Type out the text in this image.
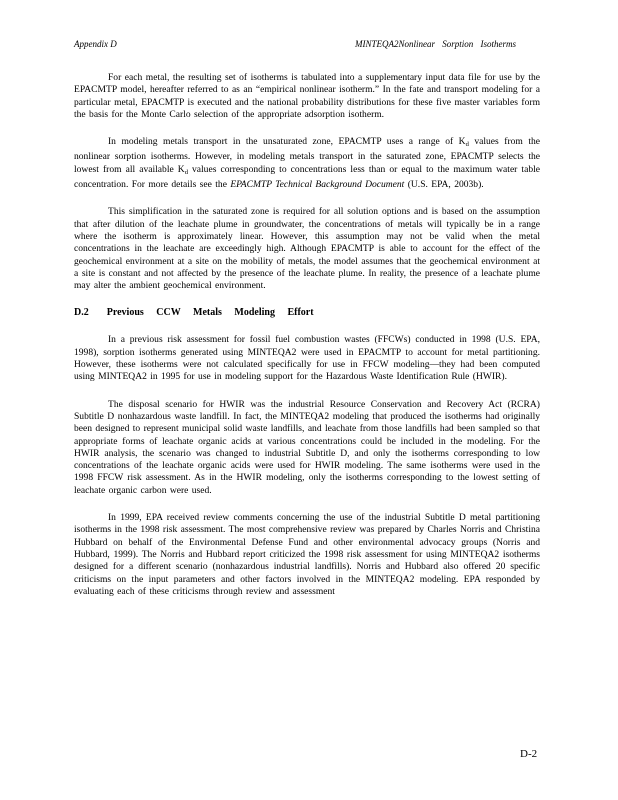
Appendix D	MINTEQA2Nonlinear Sorption Isotherms

For each metal, the resulting set of isotherms is tabulated into a supplementary input data file for use by the EPACMTP model, hereafter referred to as an “empirical nonlinear isotherm.” In the fate and transport modeling for a particular metal, EPACMTP is executed and the national probability distributions for these five master variables form the basis for the Monte Carlo selection of the appropriate adsorption isotherm.

In modeling metals transport in the unsaturated zone, EPACMTP uses a range of $K_d$ values from the nonlinear sorption isotherms. However, in modeling metals transport in the saturated zone, EPACMTP selects the lowest from all available $K_d$ values corresponding to concentrations less than or equal to the maximum water table concentration. For more details see the EPACMTP Technical Background Document (U.S. EPA, 2003b).

This simplification in the saturated zone is required for all solution options and is based on the assumption that after dilution of the leachate plume in groundwater, the concentrations of metals will typically be in a range where the isotherm is approximately linear. However, this assumption may not be valid when the metal concentrations in the leachate are exceedingly high. Although EPACMTP is able to account for the effect of the geochemical environment at a site on the mobility of metals, the model assumes that the geochemical environment at a site is constant and not affected by the presence of the leachate plume. In reality, the presence of a leachate plume may alter the ambient geochemical environment.

D.2 Previous CCW Metals Modeling Effort

In a previous risk assessment for fossil fuel combustion wastes (FFCWs) conducted in 1998 (U.S. EPA, 1998), sorption isotherms generated using MINTEQA2 were used in EPACMTP to account for metal partitioning. However, these isotherms were not calculated specifically for use in FFCW modeling—they had been computed using MINTEQA2 in 1995 for use in modeling support for the Hazardous Waste Identification Rule (HWIR).

The disposal scenario for HWIR was the industrial Resource Conservation and Recovery Act (RCRA) Subtitle D nonhazardous waste landfill. In fact, the MINTEQA2 modeling that produced the isotherms had originally been designed to represent municipal solid waste landfills, and leachate from those landfills had been sampled so that appropriate forms of leachate organic acids at various concentrations could be included in the modeling. For the HWIR analysis, the scenario was changed to industrial Subtitle D, and only the isotherms corresponding to low concentrations of the leachate organic acids were used for HWIR modeling. The same isotherms were used in the 1998 FFCW risk assessment. As in the HWIR modeling, only the isotherms corresponding to the lowest setting of leachate organic carbon were used.

In 1999, EPA received review comments concerning the use of the industrial Subtitle D metal partitioning isotherms in the 1998 risk assessment. The most comprehensive review was prepared by Charles Norris and Christina Hubbard on behalf of the Environmental Defense Fund and other environmental advocacy groups (Norris and Hubbard, 1999). The Norris and Hubbard report criticized the 1998 risk assessment for using MINTEQA2 isotherms designed for a different scenario (nonhazardous industrial landfills). Norris and Hubbard also offered 20 specific criticisms on the input parameters and other factors involved in the MINTEQA2 modeling. EPA responded by evaluating each of these criticisms through review and assessment

D-2
